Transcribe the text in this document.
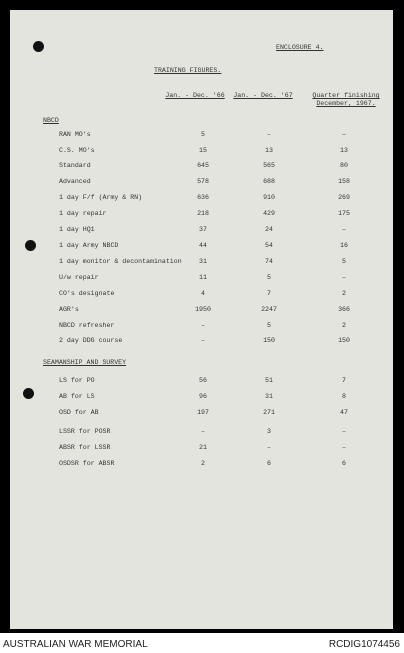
ENCLOSURE 4.
TRAINING FIGURES.
Jan. - Dec. '66	Jan. - Dec. '67	Quarter finishing
December, 1967.
NBCD
RAN MO's	5	–	–
C.S. MO's	15	13	13
Standard	645	565	80
Advanced	578	688	158
1 day F/f (Army & RN)	636	910	269
1 day repair	218	429	175
1 day HQ1	37	24	–
1 day Army NBCD	44	54	16
1 day monitor & decontamination	31	74	5
U/w repair	11	5	–
CO's designate	4	7	2
AGR's	1950	2247	366
NBCD refresher	–	5	2
2 day DDG course	–	150	150
SEAMANSHIP AND SURVEY
LS for PO	56	51	7
AB for LS	96	31	8
OSD for AB	197	271	47
LSSR for POSR	–	3	–
ABSR for LSSR	21	–	–
OSDSR for ABSR	2	6	6
AUSTRALIAN WAR MEMORIAL	RCDIG1074456
